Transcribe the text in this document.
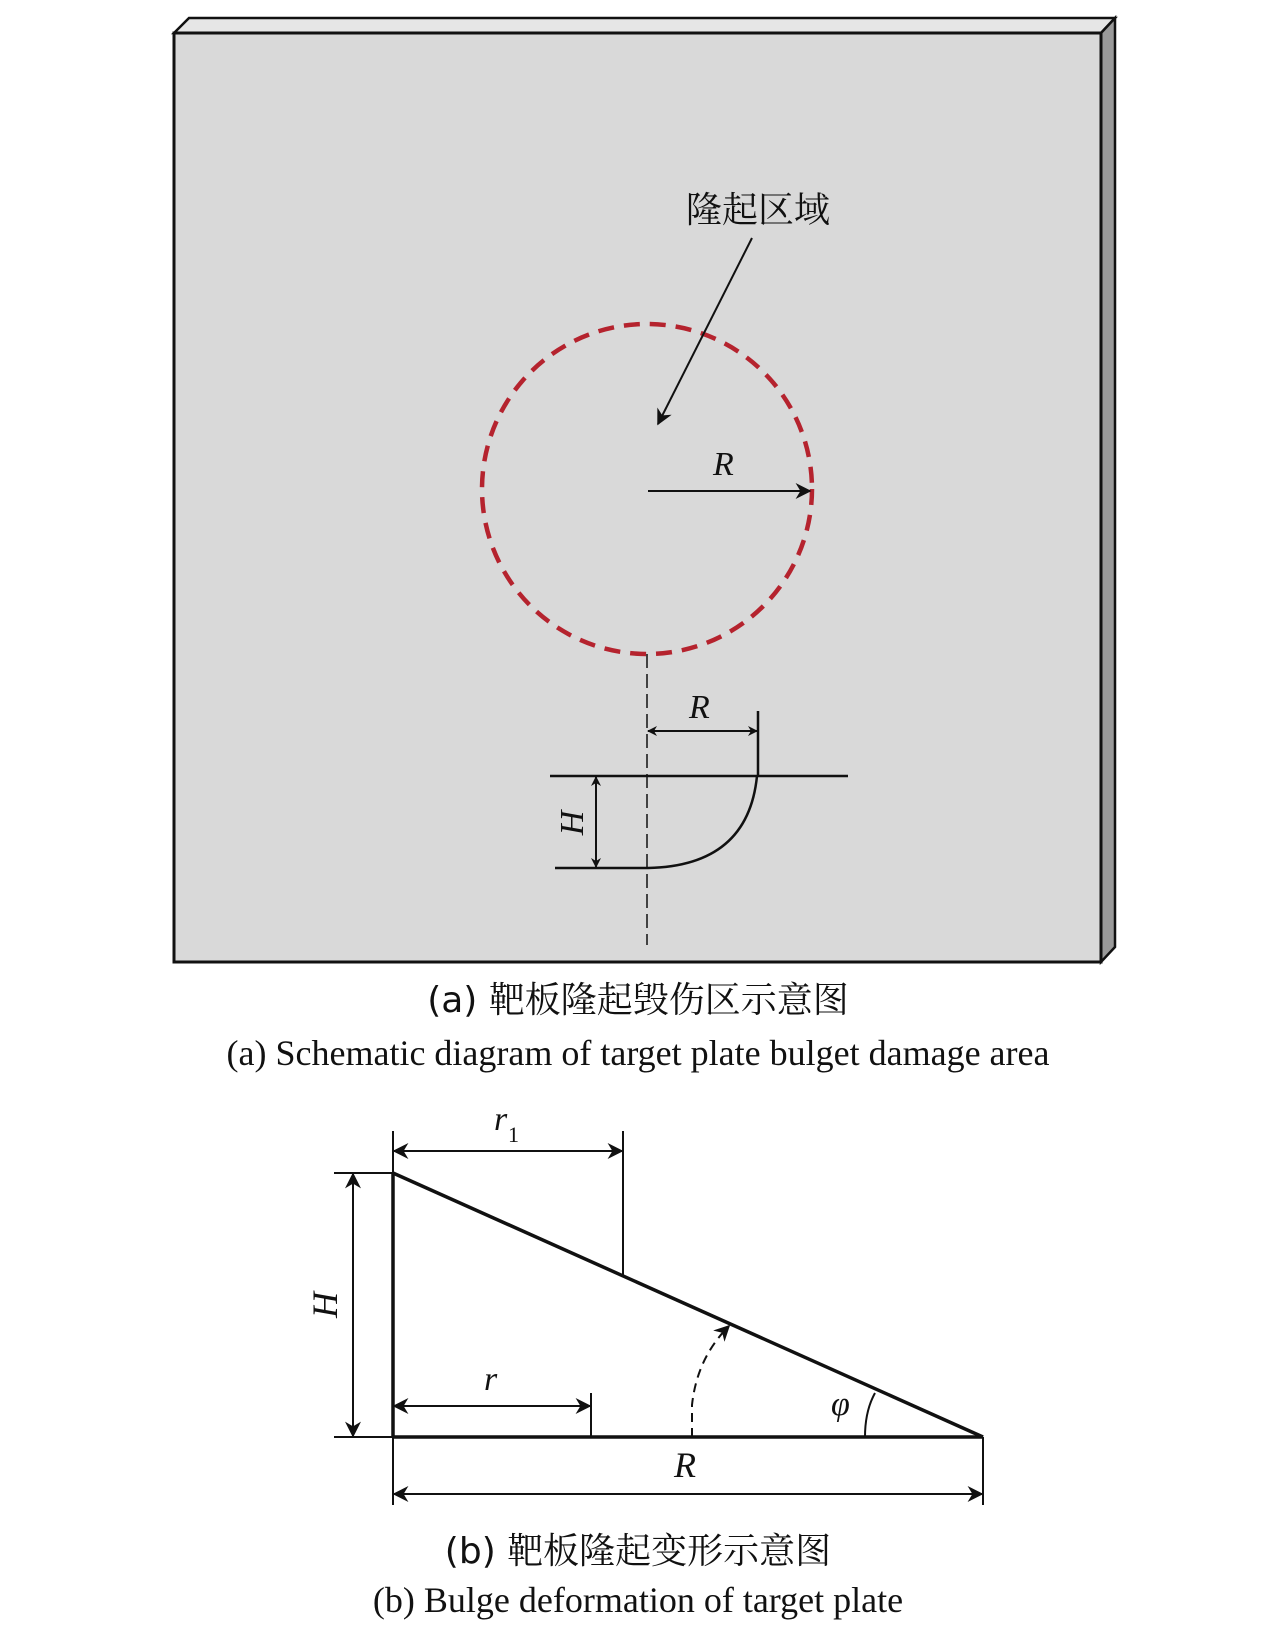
隆起区域
R
R
H
(a) 靶板隆起毁伤区示意图
(a) Schematic diagram of target plate bulget damage area
r 1
H
r
φ
R
(b) 靶板隆起变形示意图
(b) Bulge deformation of target plate
